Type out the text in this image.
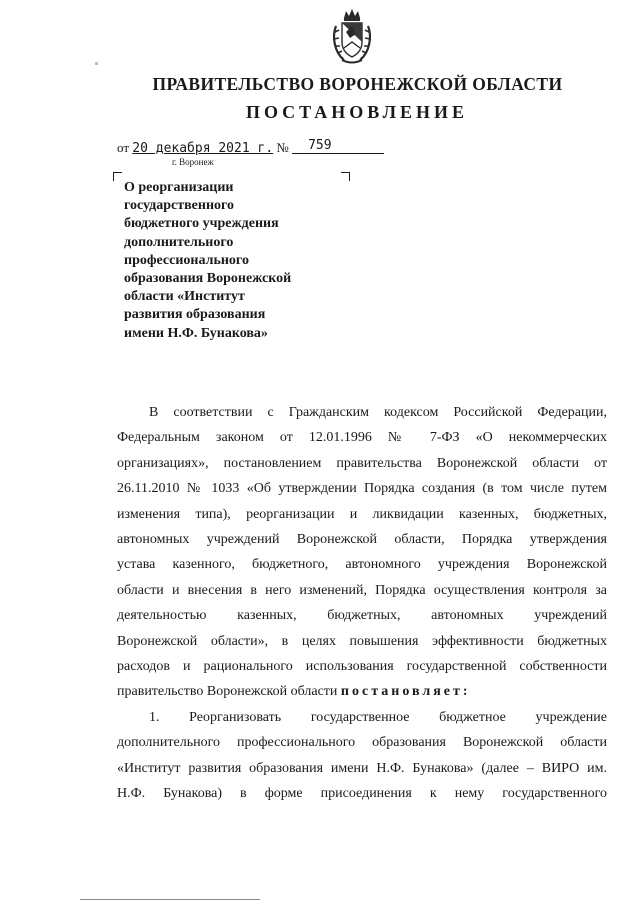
ПРАВИТЕЛЬСТВО ВОРОНЕЖСКОЙ ОБЛАСТИ
ПОСТАНОВЛЕНИЕ
от 20 декабря 2021 г. № 759
г. Воронеж
О реорганизации
государственного
бюджетного учреждения
дополнительного
профессионального
образования Воронежской
области «Институт
развития образования
имени Н.Ф. Бунакова»
В соответствии с Гражданским кодексом Российской Федерации,
Федеральным законом от 12.01.1996 № 7-ФЗ «О некоммерческих
организациях», постановлением правительства Воронежской области от
26.11.2010 № 1033 «Об утверждении Порядка создания (в том числе путем
изменения типа), реорганизации и ликвидации казенных, бюджетных,
автономных учреждений Воронежской области, Порядка утверждения
устава казенного, бюджетного, автономного учреждения Воронежской
области и внесения в него изменений, Порядка осуществления контроля за
деятельностью казенных, бюджетных, автономных учреждений
Воронежской области», в целях повышения эффективности бюджетных
расходов и рационального использования государственной собственности
правительство Воронежской области постановляет:
1. Реорганизовать государственное бюджетное учреждение
дополнительного профессионального образования Воронежской области
«Институт развития образования имени Н.Ф. Бунакова» (далее – ВИРО им.
Н.Ф. Бунакова) в форме присоединения к нему государственного
